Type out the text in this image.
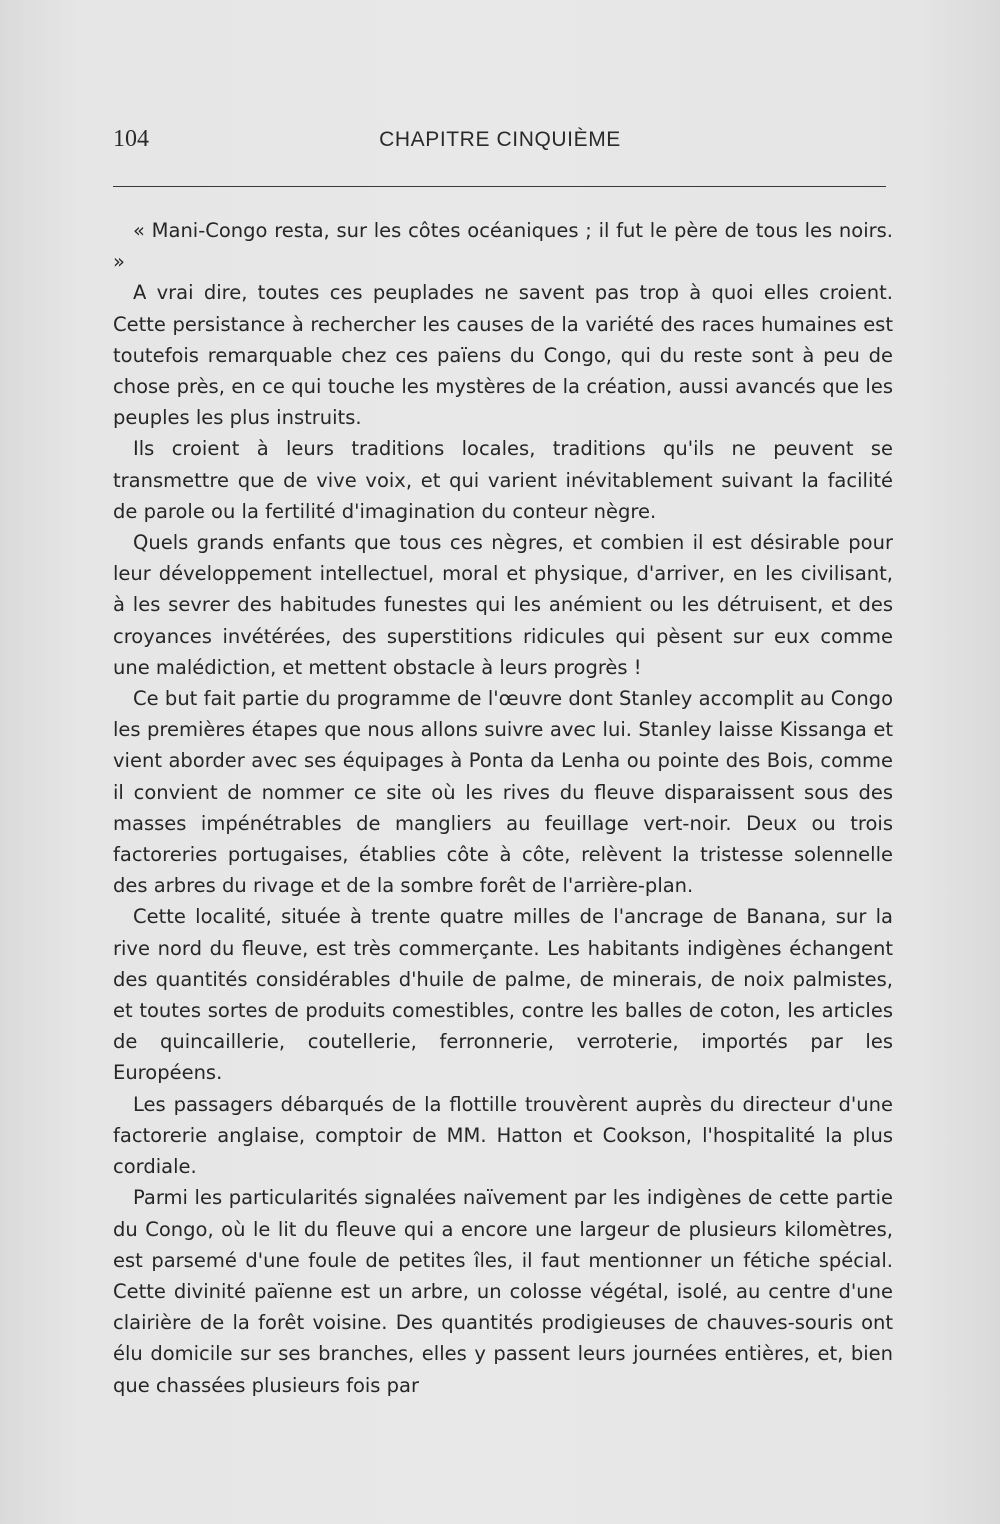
104	CHAPITRE CINQUIÈME

« Mani-Congo resta, sur les côtes océaniques ; il fut le père de tous les noirs. »

A vrai dire, toutes ces peuplades ne savent pas trop à quoi elles croient. Cette persistance à rechercher les causes de la variété des races humaines est toutefois remarquable chez ces païens du Congo, qui du reste sont à peu de chose près, en ce qui touche les mystères de la création, aussi avancés que les peuples les plus instruits.

Ils croient à leurs traditions locales, traditions qu'ils ne peuvent se transmettre que de vive voix, et qui varient inévitablement suivant la facilité de parole ou la fertilité d'imagination du conteur nègre.

Quels grands enfants que tous ces nègres, et combien il est désirable pour leur développement intellectuel, moral et physique, d'arriver, en les civilisant, à les sevrer des habitudes funestes qui les anémient ou les détruisent, et des croyances invétérées, des superstitions ridicules qui pèsent sur eux comme une malédiction, et mettent obstacle à leurs progrès !

Ce but fait partie du programme de l'œuvre dont Stanley accomplit au Congo les premières étapes que nous allons suivre avec lui. Stanley laisse Kissanga et vient aborder avec ses équipages à Ponta da Lenha ou pointe des Bois, comme il convient de nommer ce site où les rives du fleuve disparaissent sous des masses impénétrables de mangliers au feuillage vert-noir. Deux ou trois factoreries portugaises, établies côte à côte, relèvent la tristesse solennelle des arbres du rivage et de la sombre forêt de l'arrière-plan.

Cette localité, située à trente quatre milles de l'ancrage de Banana, sur la rive nord du fleuve, est très commerçante. Les habitants indigènes échangent des quantités considérables d'huile de palme, de minerais, de noix palmistes, et toutes sortes de produits comestibles, contre les balles de coton, les articles de quincaillerie, coutellerie, ferronnerie, verroterie, importés par les Européens.

Les passagers débarqués de la flottille trouvèrent auprès du directeur d'une factorerie anglaise, comptoir de MM. Hatton et Cookson, l'hospitalité la plus cordiale.

Parmi les particularités signalées naïvement par les indigènes de cette partie du Congo, où le lit du fleuve qui a encore une largeur de plusieurs kilomètres, est parsemé d'une foule de petites îles, il faut mentionner un fétiche spécial. Cette divinité païenne est un arbre, un colosse végétal, isolé, au centre d'une clairière de la forêt voisine. Des quantités prodigieuses de chauves-souris ont élu domicile sur ses branches, elles y passent leurs journées entières, et, bien que chassées plusieurs fois par
